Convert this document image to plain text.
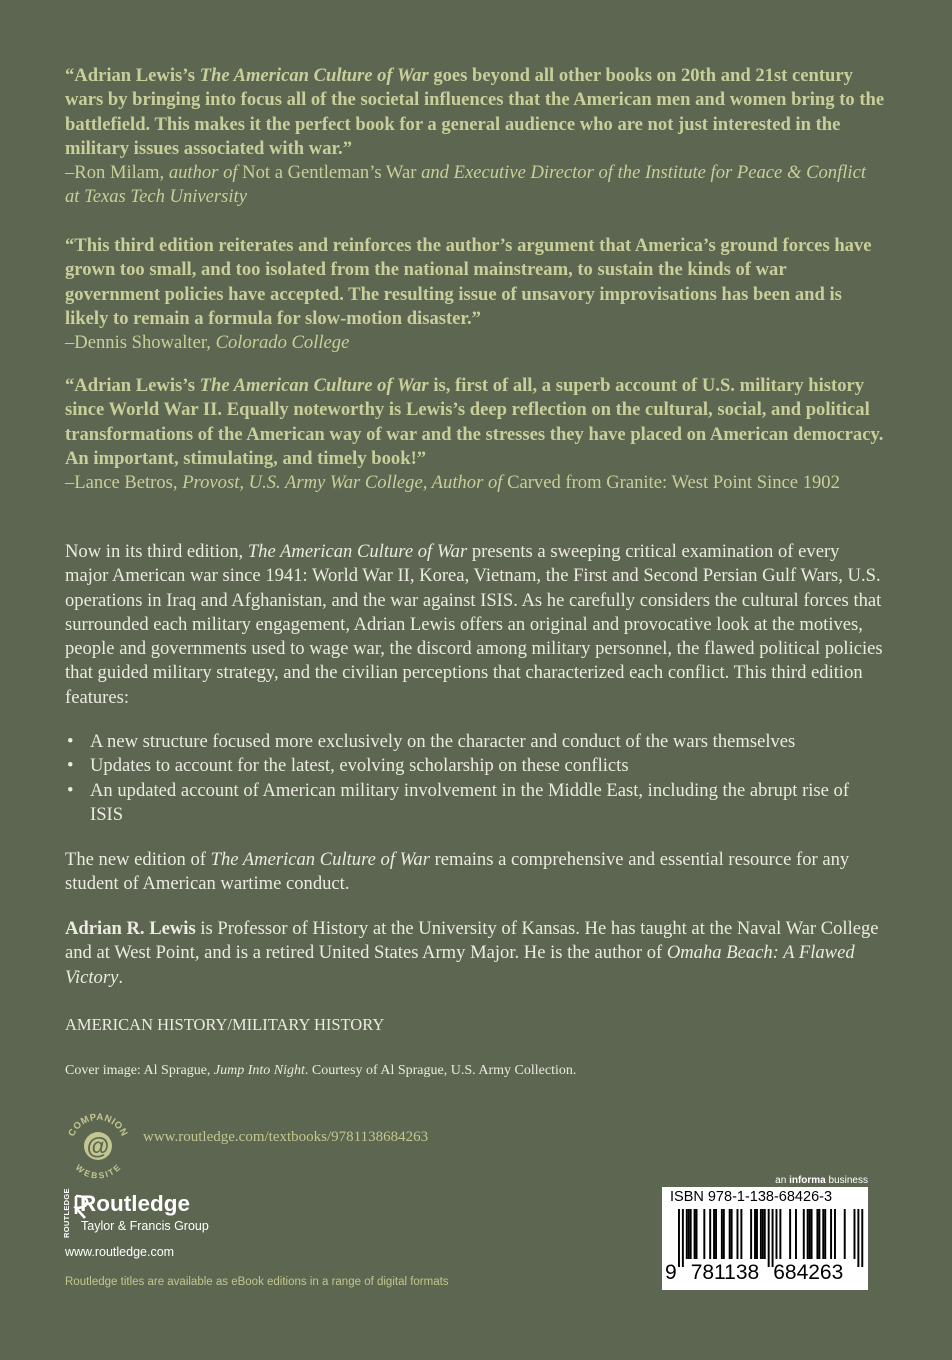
“Adrian Lewis’s The American Culture of War goes beyond all other books on 20th and 21st century wars by bringing into focus all of the societal influences that the American men and women bring to the battlefield. This makes it the perfect book for a general audience who are not just interested in the military issues associated with war.”
–Ron Milam, author of Not a Gentleman’s War and Executive Director of the Institute for Peace & Conflict at Texas Tech University
“This third edition reiterates and reinforces the author’s argument that America’s ground forces have grown too small, and too isolated from the national mainstream, to sustain the kinds of war government policies have accepted. The resulting issue of unsavory improvisations has been and is likely to remain a formula for slow-motion disaster.”
–Dennis Showalter, Colorado College
“Adrian Lewis’s The American Culture of War is, first of all, a superb account of U.S. military history since World War II. Equally noteworthy is Lewis’s deep reflection on the cultural, social, and political transformations of the American way of war and the stresses they have placed on American democracy. An important, stimulating, and timely book!”
–Lance Betros, Provost, U.S. Army War College, Author of Carved from Granite: West Point Since 1902
Now in its third edition, The American Culture of War presents a sweeping critical examination of every major American war since 1941: World War II, Korea, Vietnam, the First and Second Persian Gulf Wars, U.S. operations in Iraq and Afghanistan, and the war against ISIS. As he carefully considers the cultural forces that surrounded each military engagement, Adrian Lewis offers an original and provocative look at the motives, people and governments used to wage war, the discord among military personnel, the flawed political policies that guided military strategy, and the civilian perceptions that characterized each conflict. This third edition features:
• A new structure focused more exclusively on the character and conduct of the wars themselves
• Updates to account for the latest, evolving scholarship on these conflicts
• An updated account of American military involvement in the Middle East, including the abrupt rise of ISIS
The new edition of The American Culture of War remains a comprehensive and essential resource for any student of American wartime conduct.
Adrian R. Lewis is Professor of History at the University of Kansas. He has taught at the Naval War College and at West Point, and is a retired United States Army Major. He is the author of Omaha Beach: A Flawed Victory.
AMERICAN HISTORY/MILITARY HISTORY
Cover image: Al Sprague, Jump Into Night. Courtesy of Al Sprague, U.S. Army Collection.
COMPANION
WEBSITE
@ www.routledge.com/textbooks/9781138684263
ROUTLEDGE Routledge
Taylor & Francis Group
www.routledge.com
Routledge titles are available as eBook editions in a range of digital formats
an informa business
ISBN 978-1-138-68426-3
9 781138 684263
